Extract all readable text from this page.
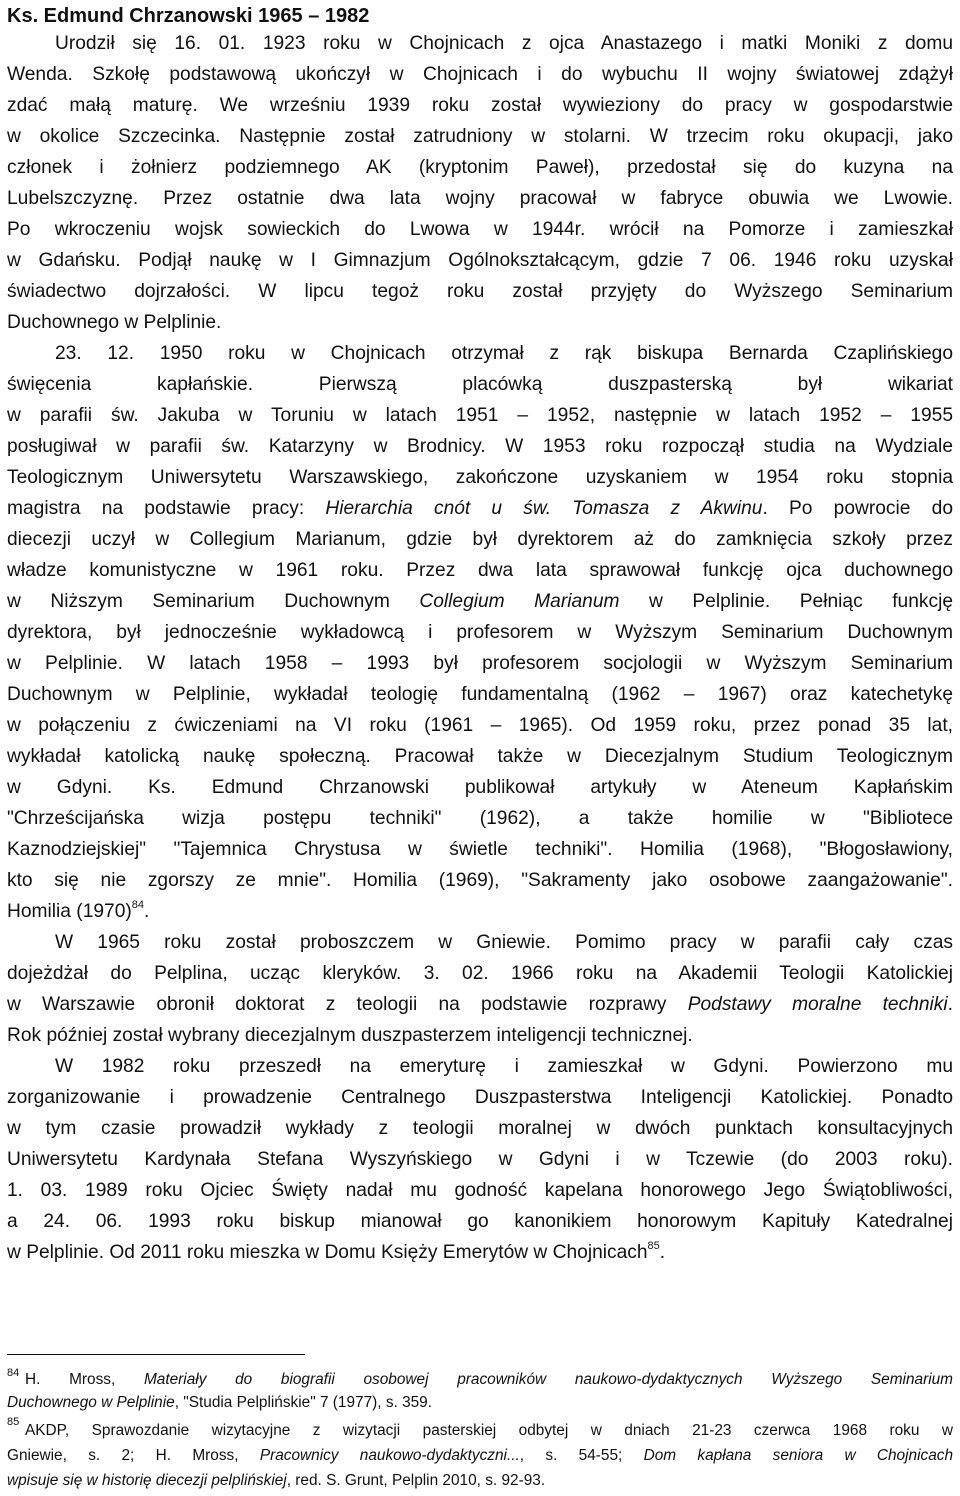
Ks. Edmund Chrzanowski 1965 – 1982

Urodził się 16. 01. 1923 roku w Chojnicach z ojca Anastazego i matki Moniki z domu

Wenda. Szkołę podstawową ukończył w Chojnicach i do wybuchu II wojny światowej zdążył

zdać małą maturę. We wrześniu 1939 roku został wywieziony do pracy w gospodarstwie

w okolice Szczecinka. Następnie został zatrudniony w stolarni. W trzecim roku okupacji, jako

członek i żołnierz podziemnego AK (kryptonim Paweł), przedostał się do kuzyna na

Lubelszczyznę. Przez ostatnie dwa lata wojny pracował w fabryce obuwia we Lwowie.

Po wkroczeniu wojsk sowieckich do Lwowa w 1944r. wrócił na Pomorze i zamieszkał

w Gdańsku. Podjął naukę w I Gimnazjum Ogólnokształcącym, gdzie 7 06. 1946 roku uzyskał

świadectwo dojrzałości. W lipcu tegoż roku został przyjęty do Wyższego Seminarium

Duchownego w Pelplinie.

23. 12. 1950 roku w Chojnicach otrzymał z rąk biskupa Bernarda Czaplińskiego

święcenia kapłańskie. Pierwszą placówką duszpasterską był wikariat

w parafii św. Jakuba w Toruniu w latach 1951 – 1952, następnie w latach 1952 – 1955

posługiwał w parafii św. Katarzyny w Brodnicy. W 1953 roku rozpoczął studia na Wydziale

Teologicznym Uniwersytetu Warszawskiego, zakończone uzyskaniem w 1954 roku stopnia

magistra na podstawie pracy: Hierarchia cnót u św. Tomasza z Akwinu. Po powrocie do

diecezji uczył w Collegium Marianum, gdzie był dyrektorem aż do zamknięcia szkoły przez

władze komunistyczne w 1961 roku. Przez dwa lata sprawował funkcję ojca duchownego

w Niższym Seminarium Duchownym Collegium Marianum w Pelplinie. Pełniąc funkcję

dyrektora, był jednocześnie wykładowcą i profesorem w Wyższym Seminarium Duchownym

w Pelplinie. W latach 1958 – 1993 był profesorem socjologii w Wyższym Seminarium

Duchownym w Pelplinie, wykładał teologię fundamentalną (1962 – 1967) oraz katechetykę

w połączeniu z ćwiczeniami na VI roku (1961 – 1965). Od 1959 roku, przez ponad 35 lat,

wykładał katolicką naukę społeczną. Pracował także w Diecezjalnym Studium Teologicznym

w Gdyni. Ks. Edmund Chrzanowski publikował artykuły w Ateneum Kapłańskim

"Chrześcijańska wizja postępu techniki" (1962), a także homilie w "Bibliotece

Kaznodziejskiej" "Tajemnica Chrystusa w świetle techniki". Homilia (1968), "Błogosławiony,

kto się nie zgorszy ze mnie". Homilia (1969), "Sakramenty jako osobowe zaangażowanie".

Homilia $(1970)^{84}$.

W 1965 roku został proboszczem w Gniewie. Pomimo pracy w parafii cały czas

dojeżdżał do Pelplina, ucząc kleryków. 3. 02. 1966 roku na Akademii Teologii Katolickiej

w Warszawie obronił doktorat z teologii na podstawie rozprawy Podstawy moralne techniki.

Rok później został wybrany diecezjalnym duszpasterzem inteligencji technicznej.

W 1982 roku przeszedł na emeryturę i zamieszkał w Gdyni. Powierzono mu

zorganizowanie i prowadzenie Centralnego Duszpasterstwa Inteligencji Katolickiej. Ponadto

w tym czasie prowadził wykłady z teologii moralnej w dwóch punktach konsultacyjnych

Uniwersytetu Kardynała Stefana Wyszyńskiego w Gdyni i w Tczewie (do 2003 roku).

1. 03. 1989 roku Ojciec Święty nadał mu godność kapelana honorowego Jego Świątobliwości,

a 24. 06. 1993 roku biskup mianował go kanonikiem honorowym Kapituły Katedralnej

w Pelplinie. Od 2011 roku mieszka w Domu Księży Emerytów w Chojnicach$^{85}$.

84 H. Mross, Materiały do biografii osobowej pracowników naukowo-dydaktycznych Wyższego Seminarium

Duchownego w Pelplinie, "Studia Pelplińskie" 7 (1977), s. 359.

85 AKDP, Sprawozdanie wizytacyjne z wizytacji pasterskiej odbytej w dniach 21-23 czerwca 1968 roku w

Gniewie, s. 2; H. Mross, Pracownicy naukowo-dydaktyczni..., s. 54-55; Dom kapłana seniora w Chojnicach

wpisuje się w historię diecezji pelplińskiej, red. S. Grunt, Pelplin 2010, s. 92-93.
